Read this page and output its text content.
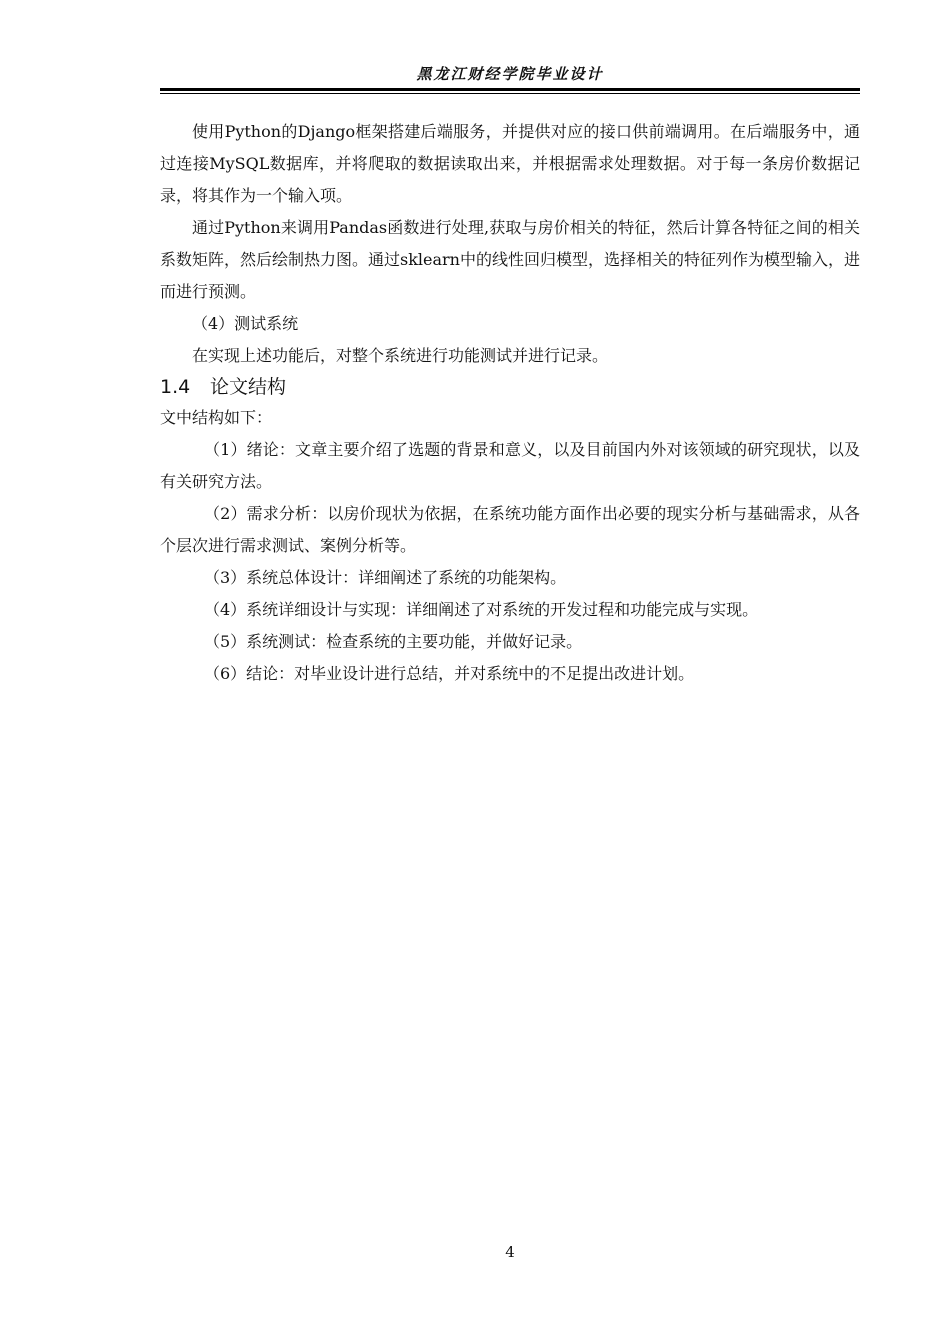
黑龙江财经学院毕业设计

使用Python的Django框架搭建后端服务，并提供对应的接口供前端调用。在后端服务中，通过连接MySQL数据库，并将爬取的数据读取出来，并根据需求处理数据。对于每一条房价数据记录，将其作为一个输入项。

通过Python来调用Pandas函数进行处理,获取与房价相关的特征，然后计算各特征之间的相关系数矩阵，然后绘制热力图。通过sklearn中的线性回归模型，选择相关的特征列作为模型输入，进而进行预测。

（4）测试系统

在实现上述功能后，对整个系统进行功能测试并进行记录。

1.4 论文结构

文中结构如下：

（1）绪论：文章主要介绍了选题的背景和意义，以及目前国内外对该领域的研究现状，以及有关研究方法。

（2）需求分析：以房价现状为依据，在系统功能方面作出必要的现实分析与基础需求，从各个层次进行需求测试、案例分析等。

（3）系统总体设计：详细阐述了系统的功能架构。

（4）系统详细设计与实现：详细阐述了对系统的开发过程和功能完成与实现。

（5）系统测试：检查系统的主要功能，并做好记录。

（6）结论：对毕业设计进行总结，并对系统中的不足提出改进计划。

4
